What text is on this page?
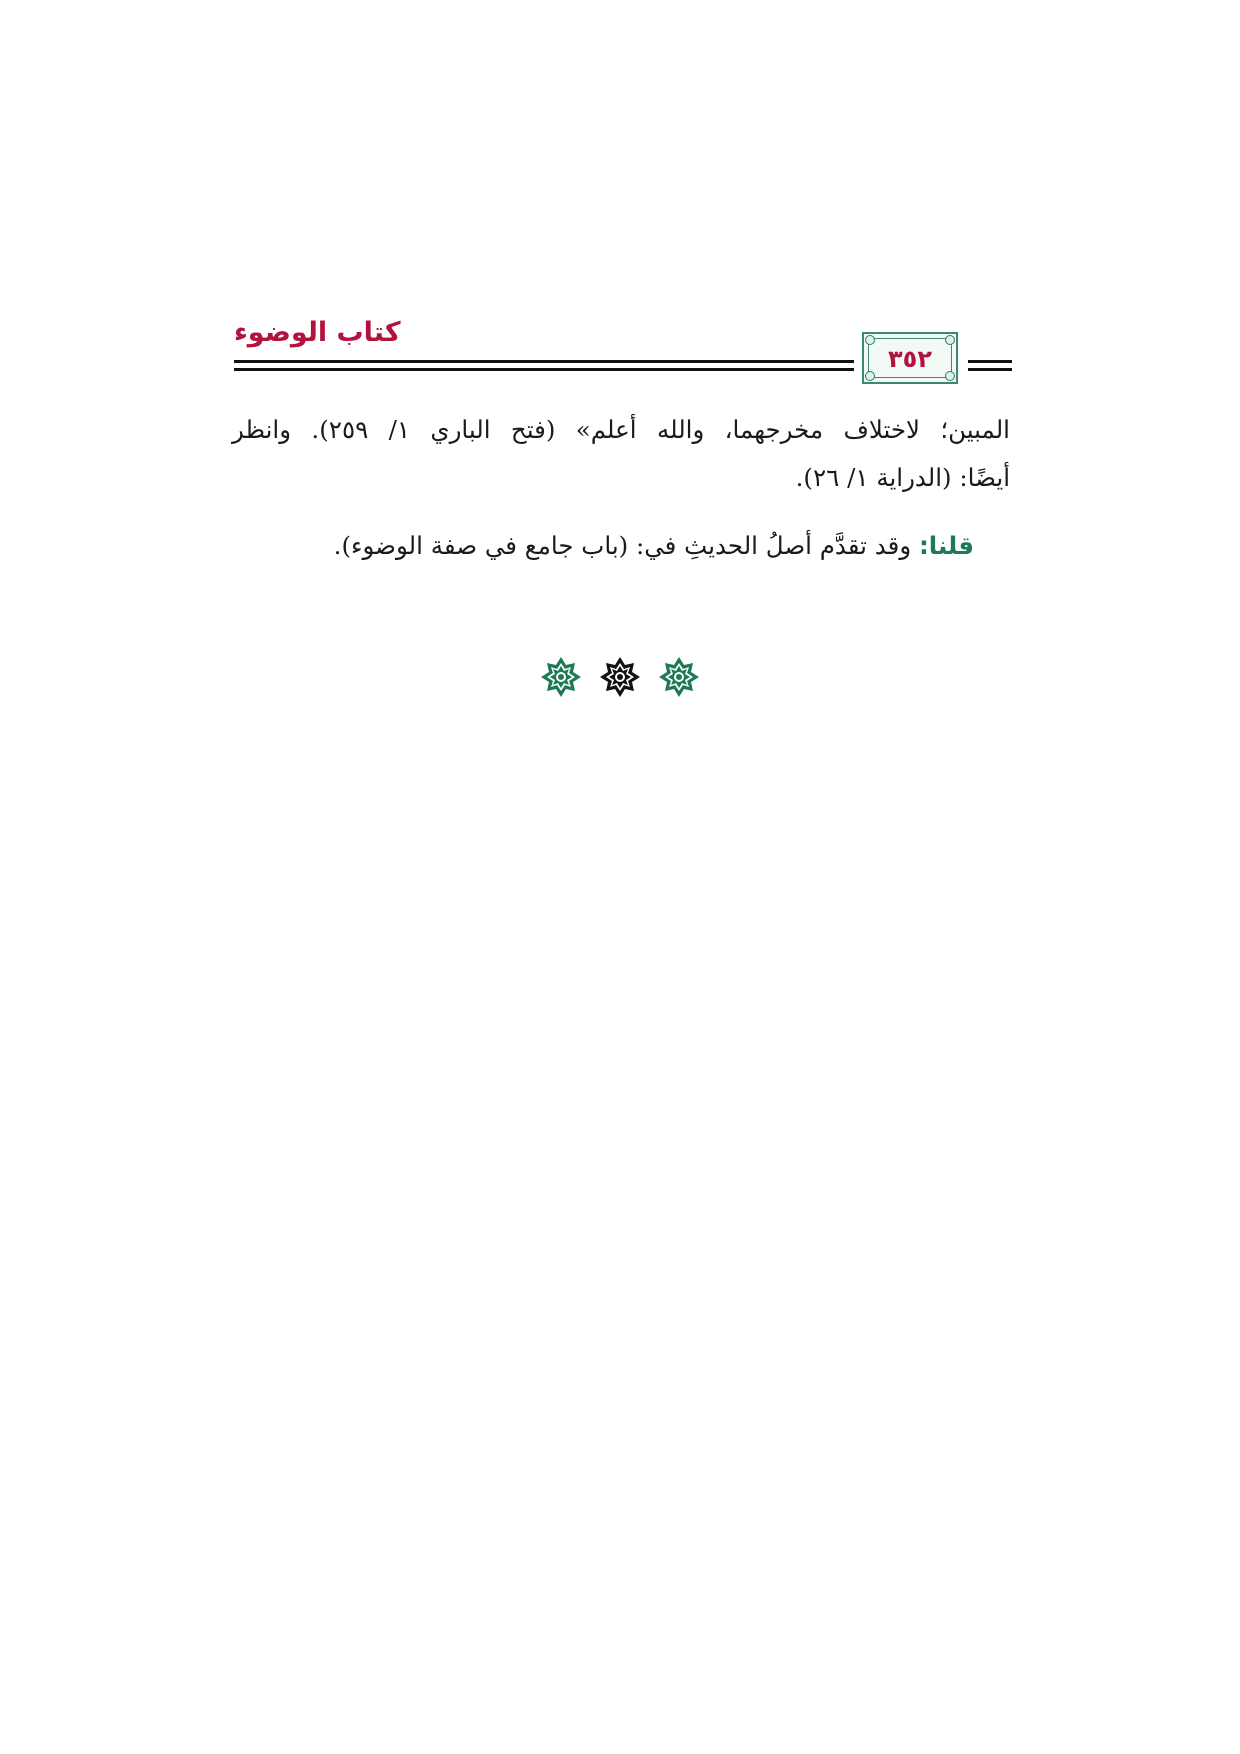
كتاب الوضوء
٣٥٢
المبين؛ لاختلاف مخرجهما، والله أعلم» (فتح الباري ١/ ٢٥٩). وانظر
أيضًا: (الدراية ١/ ٢٦).
قلنا: وقد تقدَّم أصلُ الحديثِ في: (باب جامع في صفة الوضوء).
